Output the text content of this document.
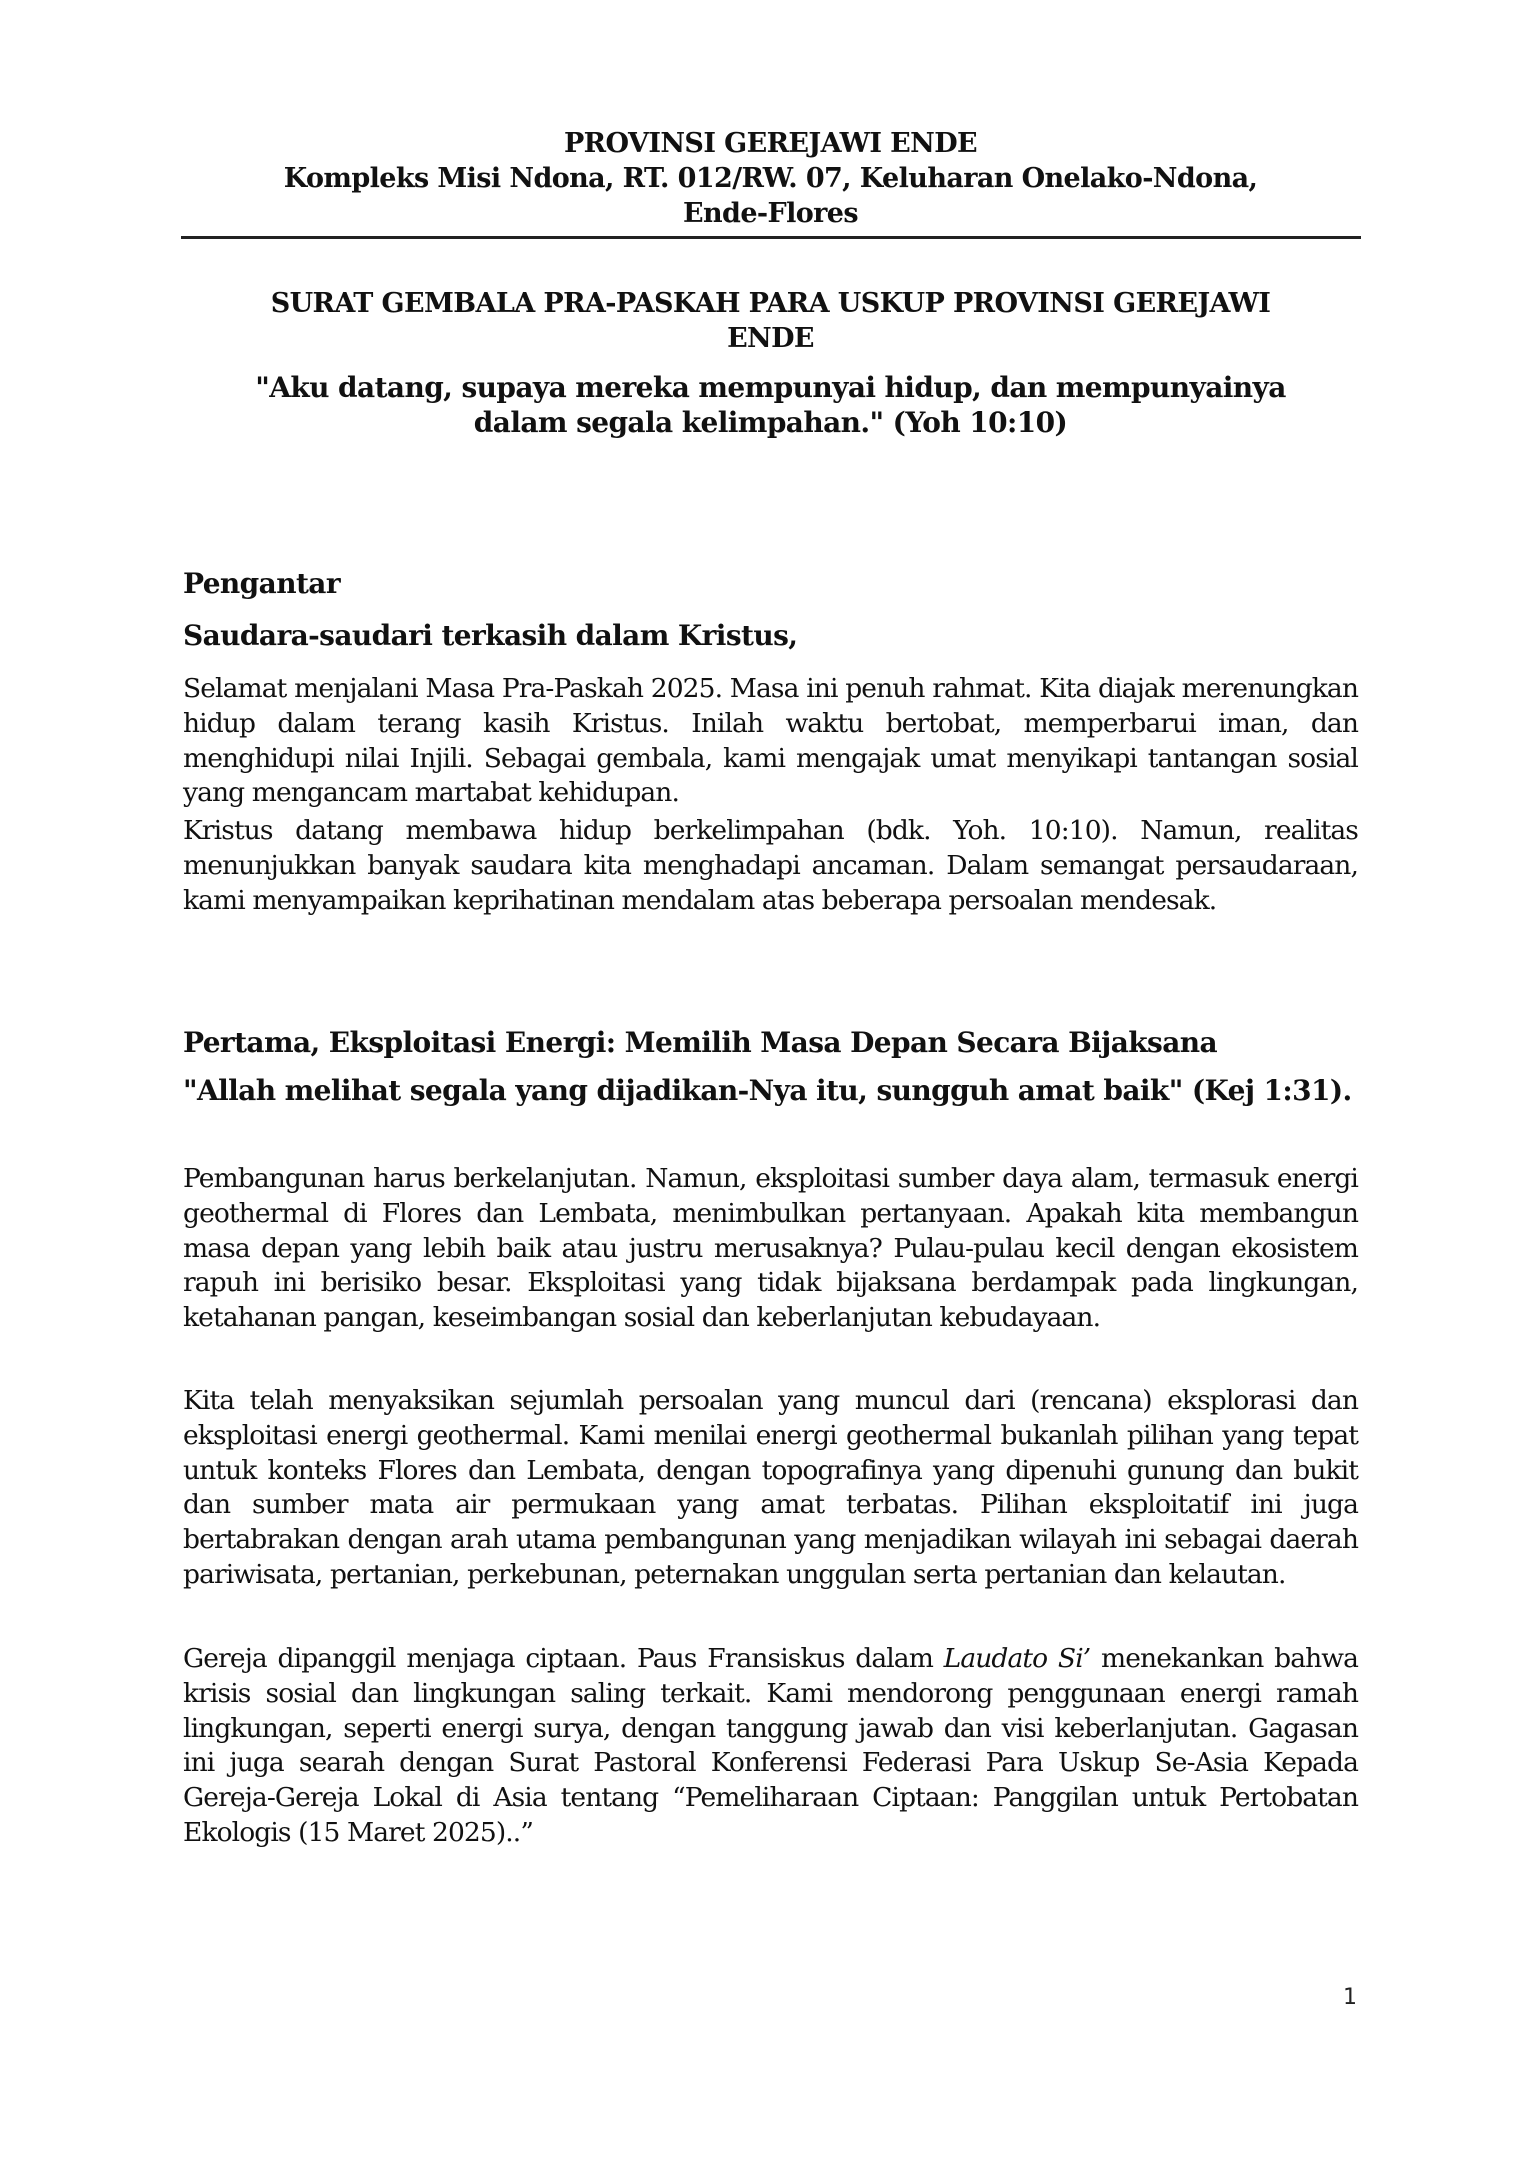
PROVINSI GEREJAWI ENDE
Kompleks Misi Ndona, RT. 012/RW. 07, Keluharan Onelako-Ndona,
Ende-Flores
SURAT GEMBALA PRA-PASKAH PARA USKUP PROVINSI GEREJAWI
ENDE
"Aku datang, supaya mereka mempunyai hidup, dan mempunyainya
dalam segala kelimpahan." (Yoh 10:10)
Pengantar
Saudara-saudari terkasih dalam Kristus,

Selamat menjalani Masa Pra-Paskah 2025. Masa ini penuh rahmat. Kita diajak merenungkan hidup dalam terang kasih Kristus. Inilah waktu bertobat, memperbarui iman, dan menghidupi nilai Injili. Sebagai gembala, kami mengajak umat menyikapi tantangan sosial yang mengancam martabat kehidupan.

Kristus datang membawa hidup berkelimpahan (bdk. Yoh. 10:10). Namun, realitas menunjukkan banyak saudara kita menghadapi ancaman. Dalam semangat persaudaraan, kami menyampaikan keprihatinan mendalam atas beberapa persoalan mendesak.

Pertama, Eksploitasi Energi: Memilih Masa Depan Secara Bijaksana
"Allah melihat segala yang dijadikan-Nya itu, sungguh amat baik" (Kej 1:31).

Pembangunan harus berkelanjutan. Namun, eksploitasi sumber daya alam, termasuk energi geothermal di Flores dan Lembata, menimbulkan pertanyaan. Apakah kita membangun masa depan yang lebih baik atau justru merusaknya? Pulau-pulau kecil dengan ekosistem rapuh ini berisiko besar. Eksploitasi yang tidak bijaksana berdampak pada lingkungan, ketahanan pangan, keseimbangan sosial dan keberlanjutan kebudayaan.

Kita telah menyaksikan sejumlah persoalan yang muncul dari (rencana) eksplorasi dan eksploitasi energi geothermal. Kami menilai energi geothermal bukanlah pilihan yang tepat untuk konteks Flores dan Lembata, dengan topografinya yang dipenuhi gunung dan bukit dan sumber mata air permukaan yang amat terbatas. Pilihan eksploitatif ini juga bertabrakan dengan arah utama pembangunan yang menjadikan wilayah ini sebagai daerah pariwisata, pertanian, perkebunan, peternakan unggulan serta pertanian dan kelautan.

Gereja dipanggil menjaga ciptaan. Paus Fransiskus dalam Laudato Si’ menekankan bahwa krisis sosial dan lingkungan saling terkait. Kami mendorong penggunaan energi ramah lingkungan, seperti energi surya, dengan tanggung jawab dan visi keberlanjutan. Gagasan ini juga searah dengan Surat Pastoral Konferensi Federasi Para Uskup Se-Asia Kepada Gereja-Gereja Lokal di Asia tentang “Pemeliharaan Ciptaan: Panggilan untuk Pertobatan Ekologis (15 Maret 2025)..”

1
